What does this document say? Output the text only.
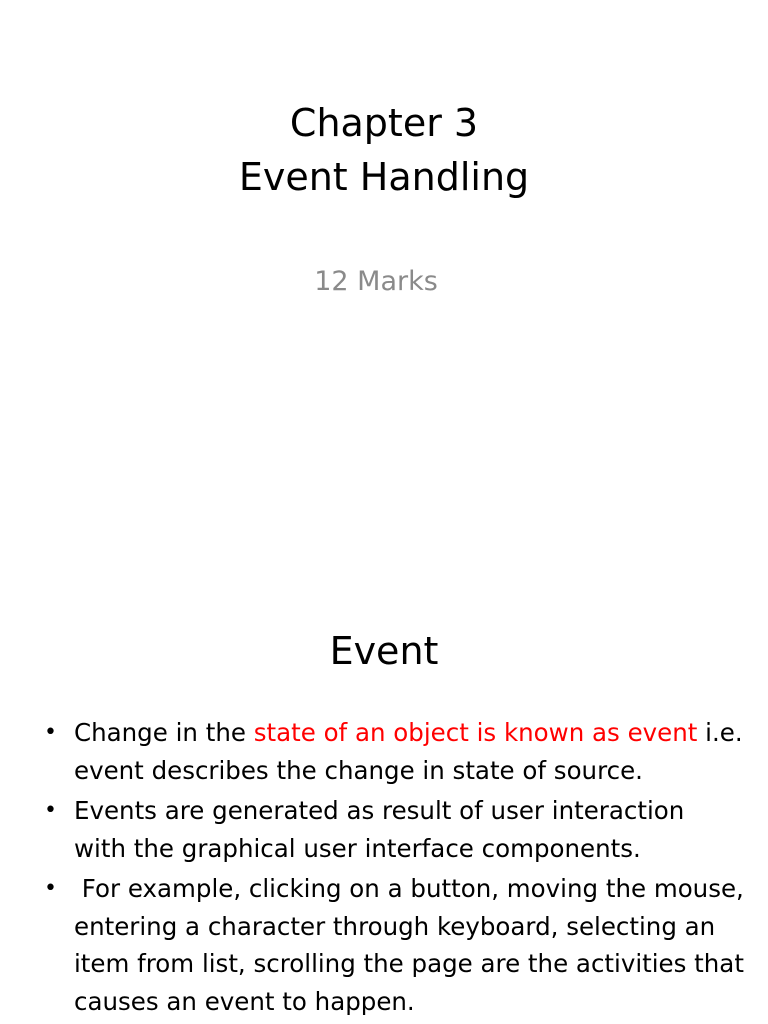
Chapter 3
Event Handling
12 Marks
Event
• Change in the state of an object is known as event i.e. event describes the change in state of source.
• Events are generated as result of user interaction with the graphical user interface components.
• For example, clicking on a button, moving the mouse, entering a character through keyboard, selecting an item from list, scrolling the page are the activities that causes an event to happen.
